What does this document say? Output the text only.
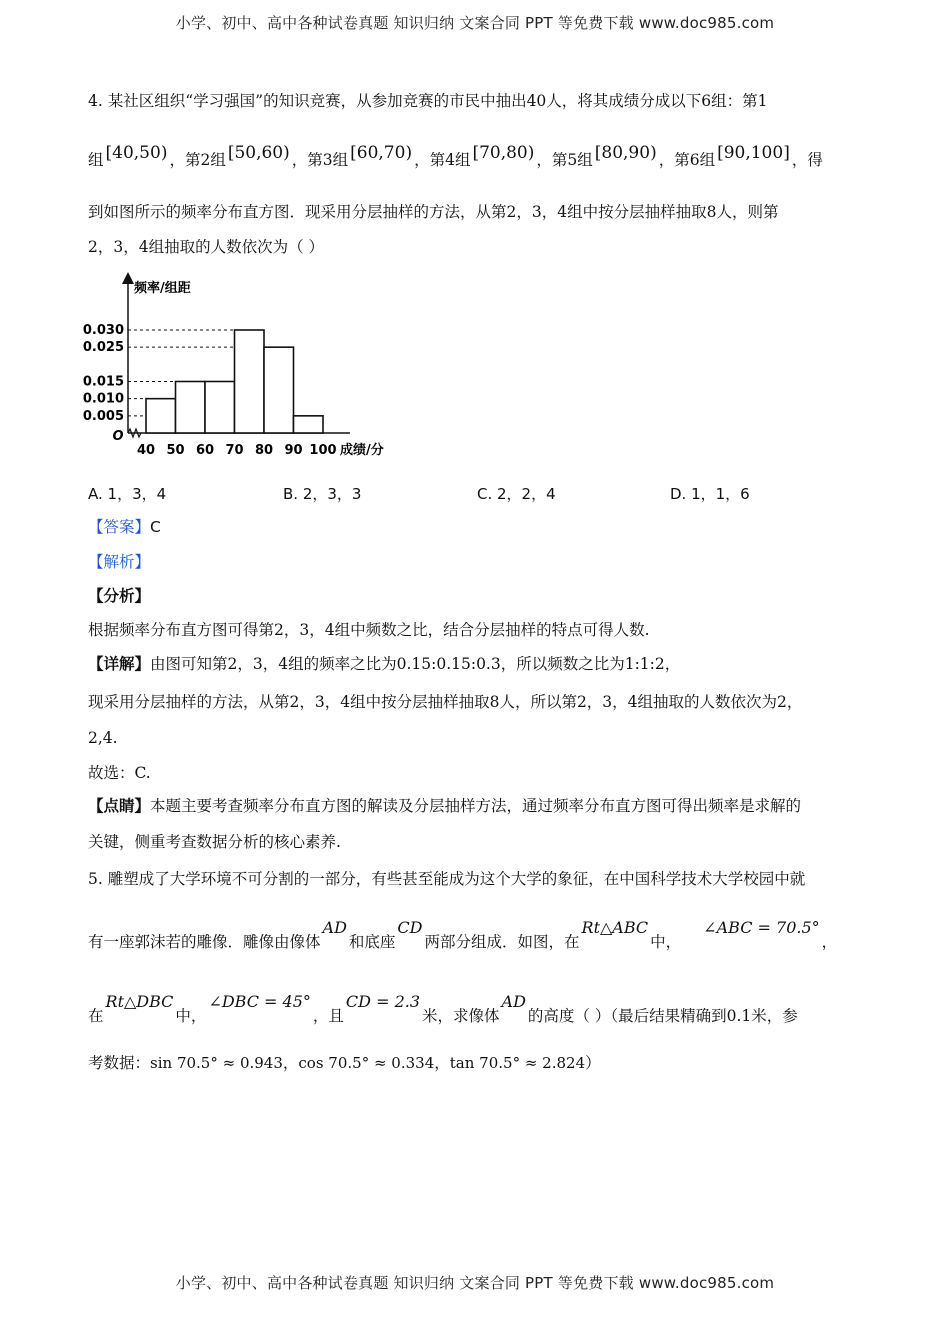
小学、初中、高中各种试卷真题 知识归纳 文案合同 PPT 等免费下载 www.doc985.com
4. 某社区组织“学习强国”的知识竞赛，从参加竞赛的市民中抽出40人，将其成绩分成以下6组：第1
组 [40,50) ，第2组 [50,60) ，第3组 [60,70) ，第4组 [70,80) ，第5组 [80,90) ，第6组 [90,100] ，得
到如图所示的频率分布直方图．现采用分层抽样的方法，从第2，3，4组中按分层抽样抽取8人，则第
2，3，4组抽取的人数依次为（ ）
O
频率/组距
成绩/分
0.030
0.025
0.015
0.010
0.005
40 50 60 70 80 90 100
A. 1，3，4	B. 2，3，3	C. 2，2，4	D. 1，1，6
【答案】C
【解析】
【分析】
根据频率分布直方图可得第2，3，4组中频数之比，结合分层抽样的特点可得人数.
【详解】由图可知第2，3，4组的频率之比为0.15:0.15:0.3，所以频数之比为1:1:2，
现采用分层抽样的方法，从第2，3，4组中按分层抽样抽取8人，所以第2，3，4组抽取的人数依次为2，
2,4.
故选：C.
【点睛】本题主要考查频率分布直方图的解读及分层抽样方法，通过频率分布直方图可得出频率是求解的
关键，侧重考查数据分析的核心素养.
5. 雕塑成了大学环境不可分割的一部分，有些甚至能成为这个大学的象征，在中国科学技术大学校园中就
有一座郭沫若的雕像．雕像由像体AD和底座CD两部分组成．如图，在Rt△ABC中，∠ABC = 70.5°，
在Rt△DBC中，∠DBC = 45°，且CD = 2.3米，求像体AD的高度（ ）（最后结果精确到0.1米，参
考数据：sin 70.5° ≈ 0.943，cos 70.5° ≈ 0.334，tan 70.5° ≈ 2.824）
小学、初中、高中各种试卷真题 知识归纳 文案合同 PPT 等免费下载 www.doc985.com
